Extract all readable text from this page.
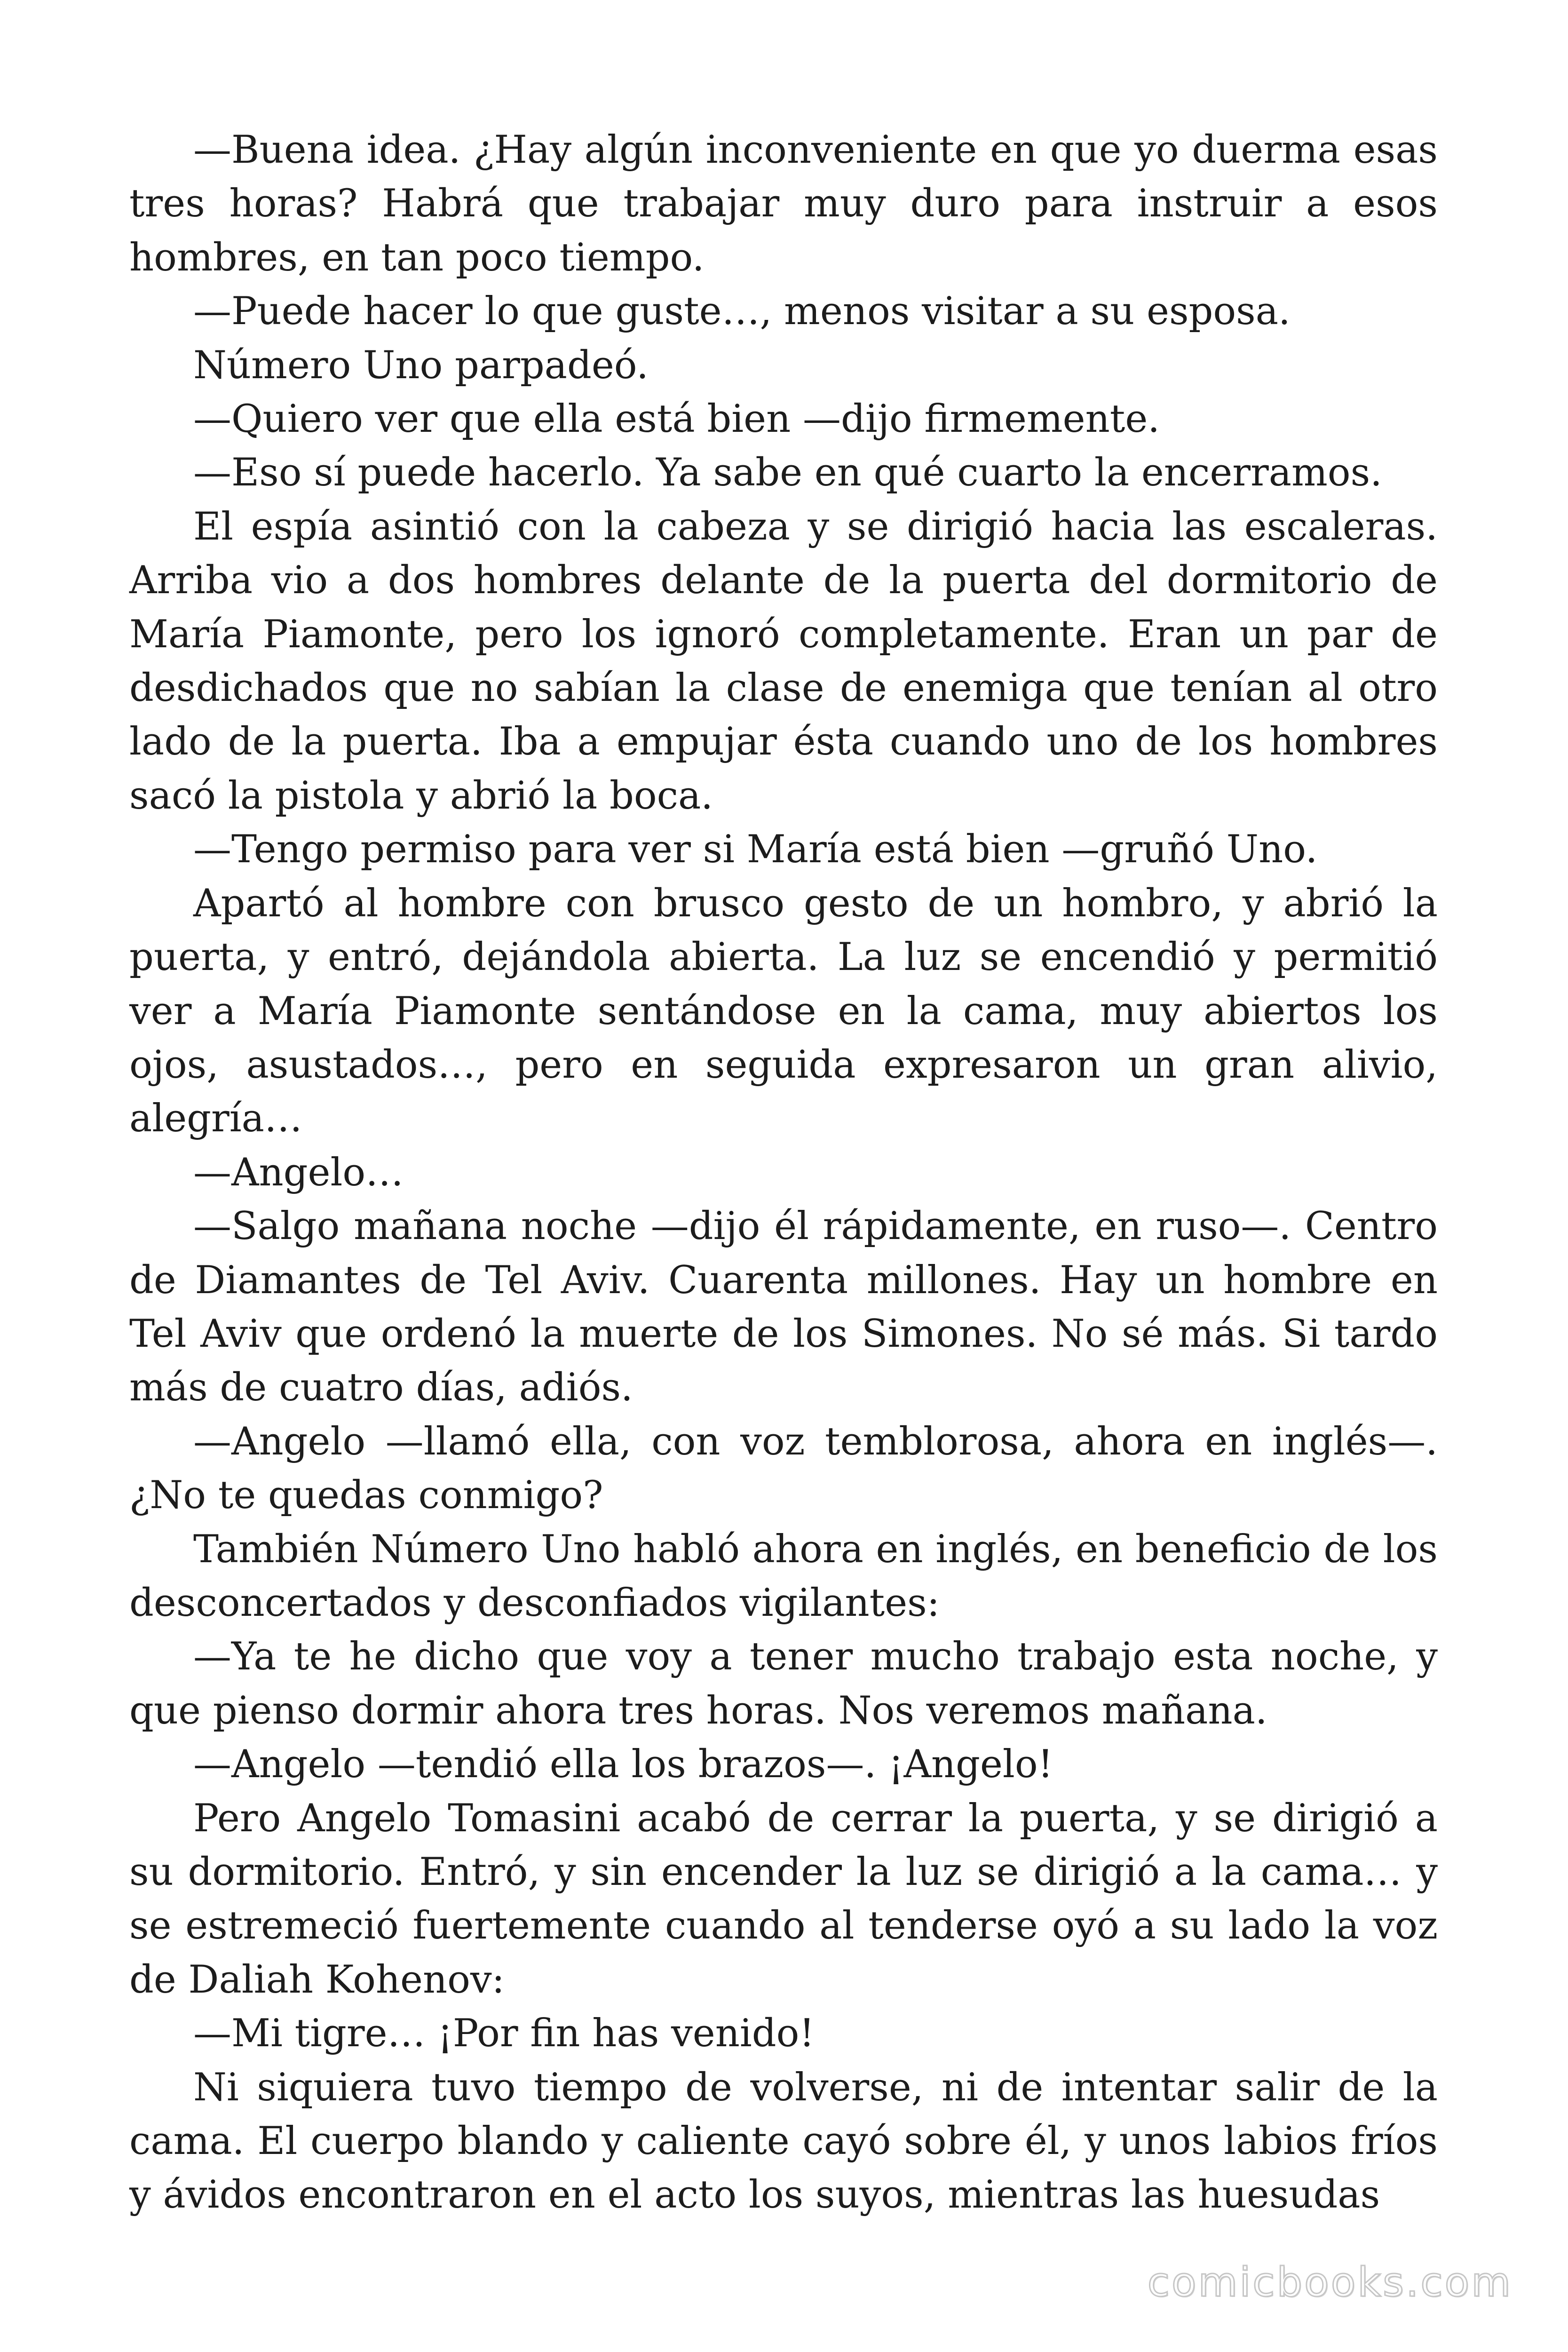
—Buena idea. ¿Hay algún inconveniente en que yo duerma esas tres horas? Habrá que trabajar muy duro para instruir a esos hombres, en tan poco tiempo.

—Puede hacer lo que guste…, menos visitar a su esposa.

Número Uno parpadeó.

—Quiero ver que ella está bien —dijo firmemente.

—Eso sí puede hacerlo. Ya sabe en qué cuarto la encerramos.

El espía asintió con la cabeza y se dirigió hacia las escaleras. Arriba vio a dos hombres delante de la puerta del dormitorio de María Piamonte, pero los ignoró completamente. Eran un par de desdichados que no sabían la clase de enemiga que tenían al otro lado de la puerta. Iba a empujar ésta cuando uno de los hombres sacó la pistola y abrió la boca.

—Tengo permiso para ver si María está bien —gruñó Uno.

Apartó al hombre con brusco gesto de un hombro, y abrió la puerta, y entró, dejándola abierta. La luz se encendió y permitió ver a María Piamonte sentándose en la cama, muy abiertos los ojos, asustados…, pero en seguida expresaron un gran alivio, alegría…

—Angelo…

—Salgo mañana noche —dijo él rápidamente, en ruso—. Centro de Diamantes de Tel Aviv. Cuarenta millones. Hay un hombre en Tel Aviv que ordenó la muerte de los Simones. No sé más. Si tardo más de cuatro días, adiós.

—Angelo —llamó ella, con voz temblorosa, ahora en inglés—. ¿No te quedas conmigo?

También Número Uno habló ahora en inglés, en beneficio de los desconcertados y desconfiados vigilantes:

—Ya te he dicho que voy a tener mucho trabajo esta noche, y que pienso dormir ahora tres horas. Nos veremos mañana.

—Angelo —tendió ella los brazos—. ¡Angelo!

Pero Angelo Tomasini acabó de cerrar la puerta, y se dirigió a su dormitorio. Entró, y sin encender la luz se dirigió a la cama… y se estremeció fuertemente cuando al tenderse oyó a su lado la voz de Daliah Kohenov:

—Mi tigre… ¡Por fin has venido!

Ni siquiera tuvo tiempo de volverse, ni de intentar salir de la cama. El cuerpo blando y caliente cayó sobre él, y unos labios fríos y ávidos encontraron en el acto los suyos, mientras las huesudas

comicbooks.com
